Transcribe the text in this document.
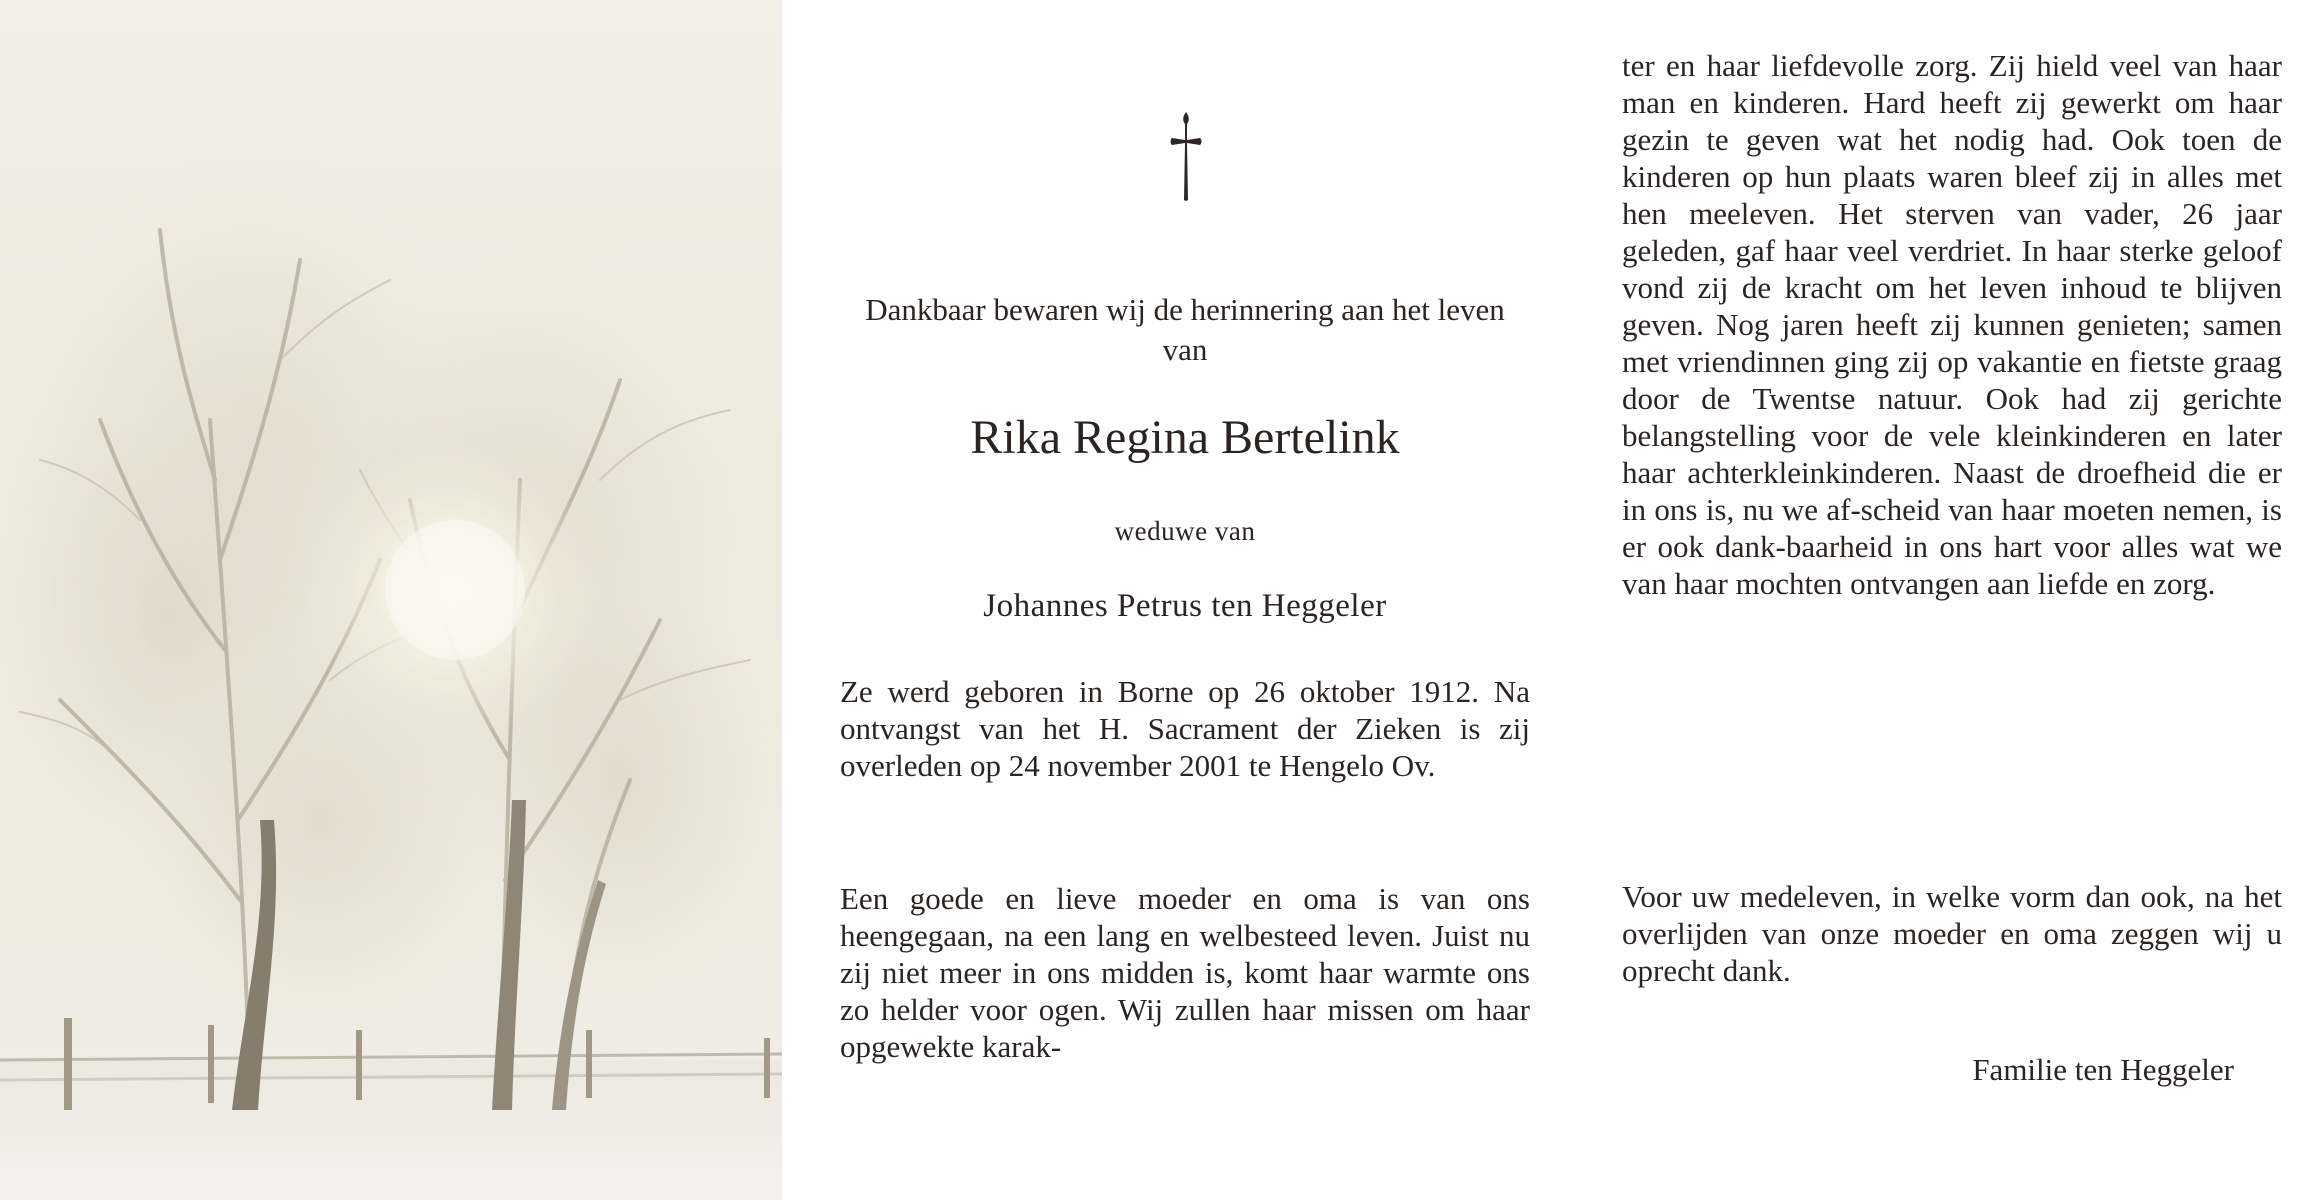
Dankbaar bewaren wij de herinnering aan het leven van
Rika Regina Bertelink
weduwe van
Johannes Petrus ten Heggeler

Ze werd geboren in Borne op 26 oktober 1912. Na ontvangst van het H. Sacrament der Zieken is zij overleden op 24 november 2001 te Hengelo Ov.

Een goede en lieve moeder en oma is van ons heengegaan, na een lang en welbesteed leven. Juist nu zij niet meer in ons midden is, komt haar warmte ons zo helder voor ogen. Wij zullen haar missen om haar opgewekte karak-

ter en haar liefdevolle zorg. Zij hield veel van haar man en kinderen. Hard heeft zij gewerkt om haar gezin te geven wat het nodig had. Ook toen de kinderen op hun plaats waren bleef zij in alles met hen meeleven. Het sterven van vader, 26 jaar geleden, gaf haar veel verdriet. In haar sterke geloof vond zij de kracht om het leven inhoud te blijven geven. Nog jaren heeft zij kunnen genieten; samen met vriendinnen ging zij op vakantie en fietste graag door de Twentse natuur. Ook had zij gerichte belangstelling voor de vele kleinkinderen en later haar achterkleinkinderen. Naast de droefheid die er in ons is, nu we af-scheid van haar moeten nemen, is er ook dank-baarheid in ons hart voor alles wat we van haar mochten ontvangen aan liefde en zorg.

Voor uw medeleven, in welke vorm dan ook, na het overlijden van onze moeder en oma zeggen wij u oprecht dank.

Familie ten Heggeler
